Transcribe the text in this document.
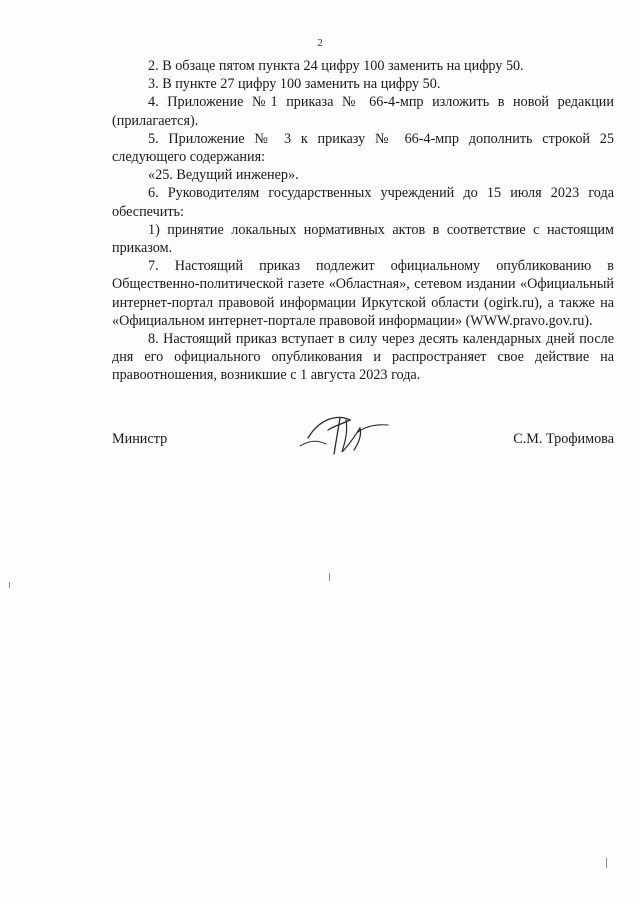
2

2. В обзаце пятом пункта 24 цифру 100 заменить на цифру 50.

3. В пункте 27 цифру 100 заменить на цифру 50.

4. Приложение №1 приказа № 66-4-мпр изложить в новой редакции (прилагается).

5. Приложение № 3 к приказу № 66-4-мпр дополнить строкой 25 следующего содержания:

«25. Ведущий инженер».

6. Руководителям государственных учреждений до 15 июля 2023 года обеспечить:

1) принятие локальных нормативных актов в соответствие с настоящим приказом.

7. Настоящий приказ подлежит официальному опубликованию в Общественно-политической газете «Областная», сетевом издании «Официальный интернет-портал правовой информации Иркутской области (ogirk.ru), а также на «Официальном интернет-портале правовой информации» (WWW.pravo.gov.ru).

8. Настоящий приказ вступает в силу через десять календарных дней после дня его официального опубликования и распространяет свое действие на правоотношения, возникшие с 1 августа 2023 года.

Министр	С.М. Трофимова
